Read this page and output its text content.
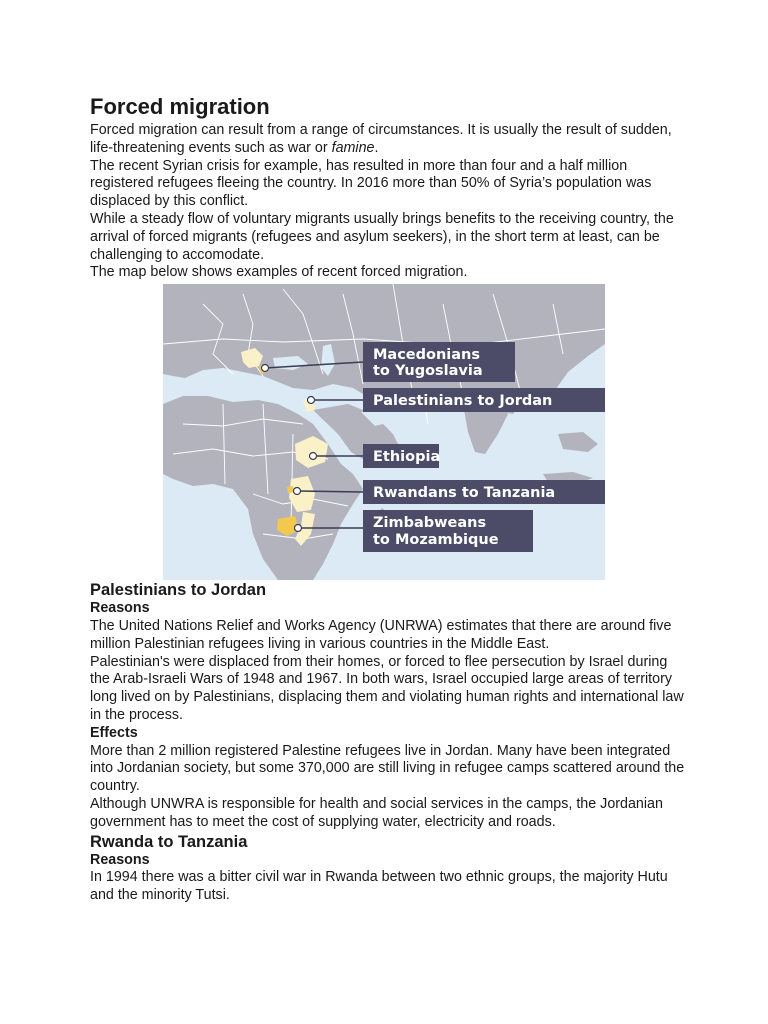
Forced migration

Forced migration can result from a range of circumstances. It is usually the result of sudden, life-threatening events such as war or famine.

The recent Syrian crisis for example, has resulted in more than four and a half million registered refugees fleeing the country. In 2016 more than 50% of Syria’s population was displaced by this conflict.

While a steady flow of voluntary migrants usually brings benefits to the receiving country, the arrival of forced migrants (refugees and asylum seekers), in the short term at least, can be challenging to accomodate.

The map below shows examples of recent forced migration.

Macedonians
to Yugoslavia
Palestinians to Jordan
Ethiopia
Rwandans to Tanzania
Zimbabweans
to Mozambique
Palestinians to Jordan
Reasons

The United Nations Relief and Works Agency (UNRWA) estimates that there are around five million Palestinian refugees living in various countries in the Middle East.

Palestinian's were displaced from their homes, or forced to flee persecution by Israel during the Arab-Israeli Wars of 1948 and 1967. In both wars, Israel occupied large areas of territory long lived on by Palestinians, displacing them and violating human rights and international law in the process.

Effects

More than 2 million registered Palestine refugees live in Jordan. Many have been integrated into Jordanian society, but some 370,000 are still living in refugee camps scattered around the country.

Although UNWRA is responsible for health and social services in the camps, the Jordanian government has to meet the cost of supplying water, electricity and roads.

Rwanda to Tanzania
Reasons

In 1994 there was a bitter civil war in Rwanda between two ethnic groups, the majority Hutu and the minority Tutsi.
